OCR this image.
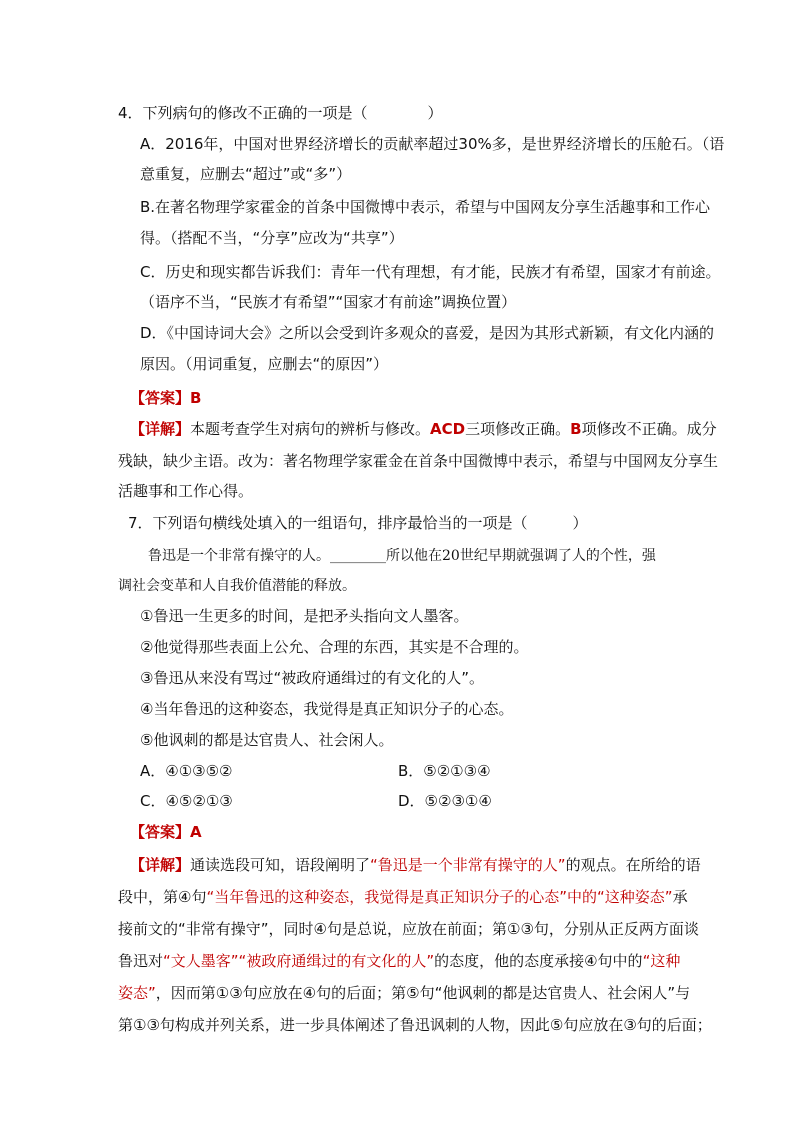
4．下列病句的修改不正确的一项是（　　　　）
A．2016年，中国对世界经济增长的贡献率超过30%多，是世界经济增长的压舱石。（语
意重复，应删去“超过”或“多”）
B.在著名物理学家霍金的首条中国微博中表示，希望与中国网友分享生活趣事和工作心
得。（搭配不当，“分享”应改为“共享”）
C．历史和现实都告诉我们：青年一代有理想，有才能，民族才有希望，国家才有前途。
（语序不当，“民族才有希望”“国家才有前途”调换位置）
D．《中国诗词大会》之所以会受到许多观众的喜爱，是因为其形式新颖，有文化内涵的
原因。（用词重复，应删去“的原因”）
【答案】B
【详解】本题考查学生对病句的辨析与修改。ACD三项修改正确。B项修改不正确。成分
残缺，缺少主语。改为：著名物理学家霍金在首条中国微博中表示，希望与中国网友分享生
活趣事和工作心得。
7．下列语句横线处填入的一组语句，排序最恰当的一项是（　　　）
鲁迅是一个非常有操守的人。________所以他在20世纪早期就强调了人的个性，强
调社会变革和人自我价值潜能的释放。
①鲁迅一生更多的时间，是把矛头指向文人墨客。
②他觉得那些表面上公允、合理的东西，其实是不合理的。
③鲁迅从来没有骂过“被政府通缉过的有文化的人”。
④当年鲁迅的这种姿态，我觉得是真正知识分子的心态。
⑤他讽刺的都是达官贵人、社会闲人。
A．④①③⑤②	B．⑤②①③④
C．④⑤②①③	D．⑤②③①④
【答案】A
【详解】通读选段可知，语段阐明了“鲁迅是一个非常有操守的人”的观点。在所给的语
段中，第④句“当年鲁迅的这种姿态，我觉得是真正知识分子的心态”中的“这种姿态”承
接前文的“非常有操守”，同时④句是总说，应放在前面；第①③句，分别从正反两方面谈
鲁迅对“文人墨客”“被政府通缉过的有文化的人”的态度，他的态度承接④句中的“这种
姿态”，因而第①③句应放在④句的后面；第⑤句“他讽刺的都是达官贵人、社会闲人”与
第①③句构成并列关系，进一步具体阐述了鲁迅讽刺的人物，因此⑤句应放在③句的后面；
